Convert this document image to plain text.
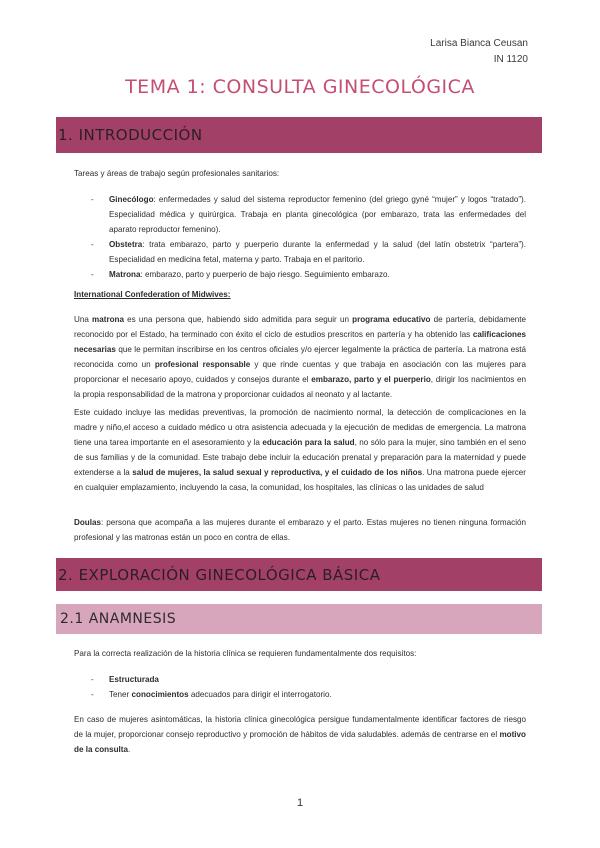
Larisa Bianca Ceusan
IN 1120
TEMA 1: CONSULTA GINECOLÓGICA
1. INTRODUCCIÓN

Tareas y áreas de trabajo según profesionales sanitarios:

- Ginecólogo: enfermedades y salud del sistema reproductor femenino (del griego gyné “mujer” y logos “tratado”). Especialidad médica y quirúrgica. Trabaja en planta ginecológica (por embarazo, trata las enfermedades del aparato reproductor femenino).
- Obstetra: trata embarazo, parto y puerperio durante la enfermedad y la salud (del latín obstetrix “partera”). Especialidad en medicina fetal, materna y parto. Trabaja en el paritorio.
- Matrona: embarazo, parto y puerperio de bajo riesgo. Seguimiento embarazo.

International Confederation of Midwives:

Una matrona es una persona que, habiendo sido admitida para seguir un programa educativo de partería, debidamente reconocido por el Estado, ha terminado con éxito el ciclo de estudios prescritos en partería y ha obtenido las calificaciones necesarias que le permitan inscribirse en los centros oficiales y/o ejercer legalmente la práctica de partería. La matrona está reconocida como un profesional responsable y que rinde cuentas y que trabaja en asociación con las mujeres para proporcionar el necesario apoyo, cuidados y consejos durante el embarazo, parto y el puerperio, dirigir los nacimientos en la propia responsabilidad de la matrona y proporcionar cuidados al neonato y al lactante.

Este cuidado incluye las medidas preventivas, la promoción de nacimiento normal, la detección de complicaciones en la madre y niño,el acceso a cuidado médico u otra asistencia adecuada y la ejecución de medidas de emergencia. La matrona tiene una tarea importante en el asesoramiento y la educación para la salud, no sólo para la mujer, sino también en el seno de sus familias y de la comunidad. Este trabajo debe incluir la educación prenatal y preparación para la maternidad y puede extenderse a la salud de mujeres, la salud sexual y reproductiva, y el cuidado de los niños. Una matrona puede ejercer en cualquier emplazamiento, incluyendo la casa, la comunidad, los hospitales, las clínicas o las unidades de salud

Doulas: persona que acompaña a las mujeres durante el embarazo y el parto. Estas mujeres no tienen ninguna formación profesional y las matronas están un poco en contra de ellas.

2. EXPLORACIÓN GINECOLÓGICA BÁSICA
2.1 ANAMNESIS

Para la correcta realización de la historia clínica se requieren fundamentalmente dos requisitos:

- Estructurada
- Tener conocimientos adecuados para dirigir el interrogatorio.

En caso de mujeres asintomáticas, la historia clínica ginecológica persigue fundamentalmente identificar factores de riesgo de la mujer, proporcionar consejo reproductivo y promoción de hábitos de vida saludables. además de centrarse en el motivo de la consulta.

1
